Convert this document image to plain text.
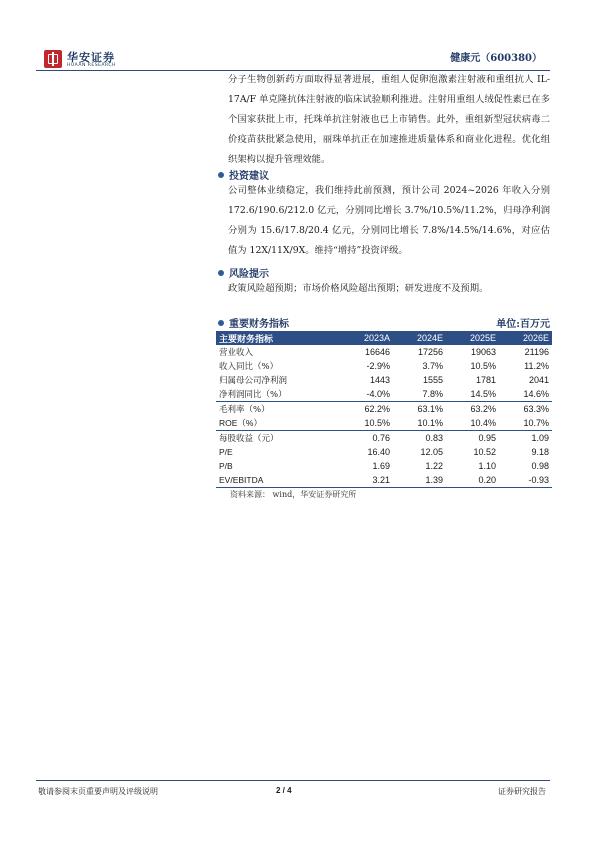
华安证券
HUAAN RESEARCH
健康元（600380）

分子生物创新药方面取得显著进展，重组人促卵泡激素注射液和重组抗人 IL-17A/F 单克隆抗体注射液的临床试验顺利推进。注射用重组人绒促性素已在多个国家获批上市，托珠单抗注射液也已上市销售。此外，重组新型冠状病毒二价疫苗获批紧急使用，丽珠单抗正在加速推进质量体系和商业化进程。优化组织架构以提升管理效能。

投资建议

公司整体业绩稳定，我们维持此前预测，预计公司 2024~2026 年收入分别 172.6/190.6/212.0 亿元，分别同比增长 3.7%/10.5%/11.2%，归母净利润分别为 15.6/17.8/20.4 亿元，分别同比增长 7.8%/14.5%/14.6%，对应估值为 12X/11X/9X。维持“增持”投资评级。

风险提示

政策风险超预期；市场价格风险超出预期；研发进度不及预期。

重要财务指标	单位:百万元
主要财务指标	2023A	2024E	2025E	2026E
营业收入	16646	17256	19063	21196
收入同比（%）	-2.9%	3.7%	10.5%	11.2%
归属母公司净利润	1443	1555	1781	2041
净利润同比（%）	-4.0%	7.8%	14.5%	14.6%
毛利率（%）	62.2%	63.1%	63.2%	63.3%
ROE（%）	10.5%	10.1%	10.4%	10.7%
每股收益（元）	0.76	0.83	0.95	1.09
P/E	16.40	12.05	10.52	9.18
P/B	1.69	1.22	1.10	0.98
EV/EBITDA	3.21	1.39	0.20	-0.93
资料来源： wind，华安证券研究所
敬请参阅末页重要声明及评级说明	2 / 4	证券研究报告
